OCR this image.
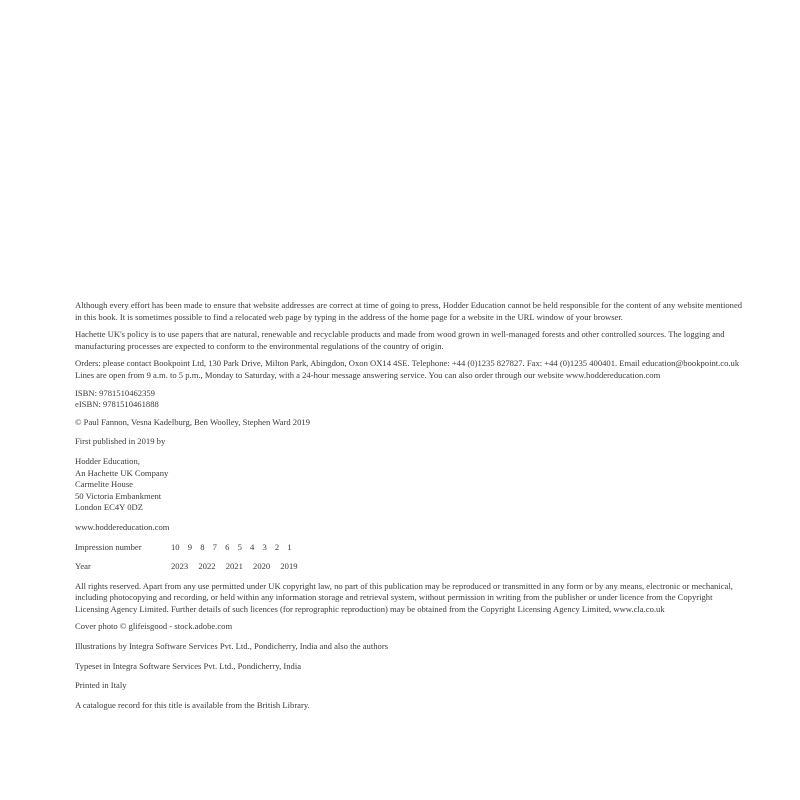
Although every effort has been made to ensure that website addresses are correct at time of going to press, Hodder Education cannot be held responsible for the content of any website mentioned in this book. It is sometimes possible to find a relocated web page by typing in the address of the home page for a website in the URL window of your browser.

Hachette UK's policy is to use papers that are natural, renewable and recyclable products and made from wood grown in well-managed forests and other controlled sources. The logging and manufacturing processes are expected to conform to the environmental regulations of the country of origin.

Orders: please contact Bookpoint Ltd, 130 Park Drive, Milton Park, Abingdon, Oxon OX14 4SE. Telephone: +44 (0)1235 827827. Fax: +44 (0)1235 400401. Email education@bookpoint.co.uk Lines are open from 9 a.m. to 5 p.m., Monday to Saturday, with a 24-hour message answering service. You can also order through our website www.hoddereducation.com

ISBN: 9781510462359

eISBN: 9781510461888

© Paul Fannon, Vesna Kadelburg, Ben Woolley, Stephen Ward 2019

First published in 2019 by

Hodder Education,

An Hachette UK Company

Carmelite House

50 Victoria Embankment

London EC4Y 0DZ

www.hoddereducation.com

Impression number	10 9 8 7 6 5 4 3 2 1
Year	2023 2022 2021 2020 2019

All rights reserved. Apart from any use permitted under UK copyright law, no part of this publication may be reproduced or transmitted in any form or by any means, electronic or mechanical, including photocopying and recording, or held within any information storage and retrieval system, without permission in writing from the publisher or under licence from the Copyright Licensing Agency Limited. Further details of such licences (for reprographic reproduction) may be obtained from the Copyright Licensing Agency Limited, www.cla.co.uk

Cover photo © glifeisgood - stock.adobe.com

Illustrations by Integra Software Services Pvt. Ltd., Pondicherry, India and also the authors

Typeset in Integra Software Services Pvt. Ltd., Pondicherry, India

Printed in Italy

A catalogue record for this title is available from the British Library.
